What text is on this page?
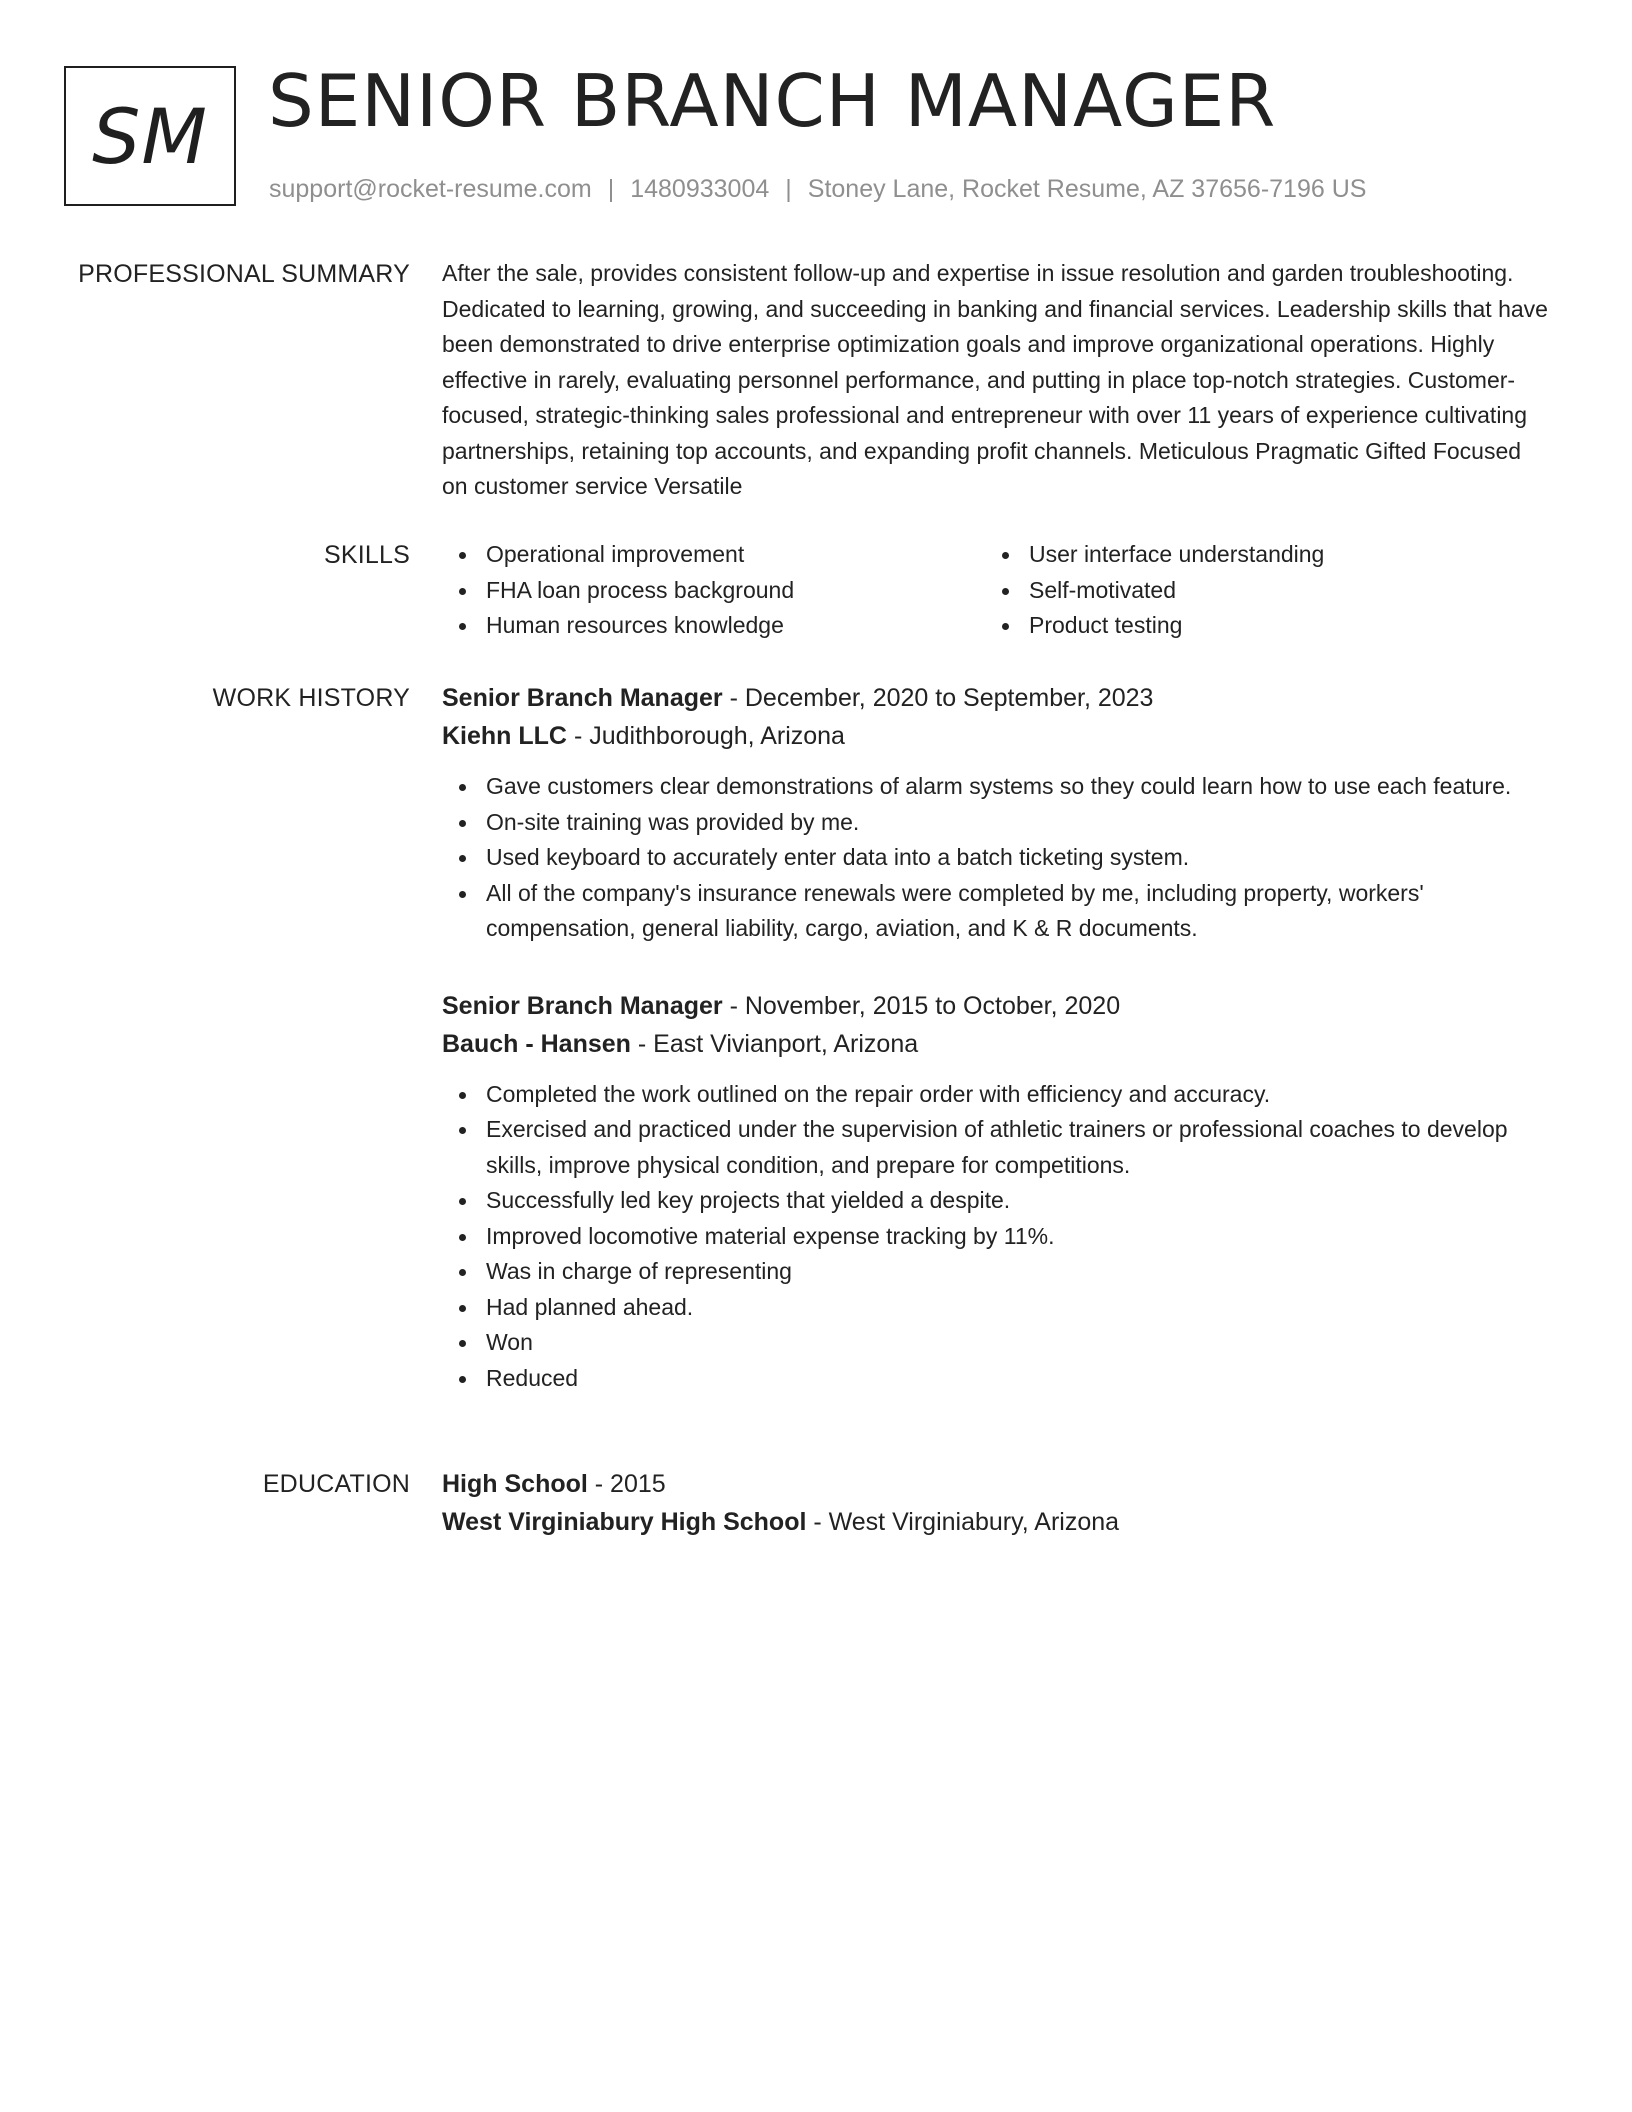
SM SENIOR BRANCH MANAGER
support@rocket-resume.com | 1480933004 | Stoney Lane, Rocket Resume, AZ 37656-7196 US
PROFESSIONAL SUMMARY After the sale, provides consistent follow-up and expertise in issue resolution and garden troubleshooting. Dedicated to learning, growing, and succeeding in banking and financial services. Leadership skills that have been demonstrated to drive enterprise optimization goals and improve organizational operations. Highly effective in rarely, evaluating personnel performance, and putting in place top-notch strategies. Customer-focused, strategic-thinking sales professional and entrepreneur with over 11 years of experience cultivating partnerships, retaining top accounts, and expanding profit channels. Meticulous Pragmatic Gifted Focused on customer service Versatile

SKILLS	Operational improvement
FHA loan process background
Human resources knowledge
User interface understanding
Self-motivated
Product testing
WORK HISTORY Senior Branch Manager - December, 2020 to September, 2023
Kiehn LLC - Judithborough, Arizona
Gave customers clear demonstrations of alarm systems so they could learn how to use each feature.
On-site training was provided by me.
Used keyboard to accurately enter data into a batch ticketing system.
All of the company's insurance renewals were completed by me, including property, workers' compensation, general liability, cargo, aviation, and K & R documents.
Senior Branch Manager - November, 2015 to October, 2020
Bauch - Hansen - East Vivianport, Arizona
Completed the work outlined on the repair order with efficiency and accuracy.
Exercised and practiced under the supervision of athletic trainers or professional coaches to develop skills, improve physical condition, and prepare for competitions.
Successfully led key projects that yielded a despite.
Improved locomotive material expense tracking by 11%.
Was in charge of representing
Had planned ahead.
Won
Reduced
EDUCATION High School - 2015
West Virginiabury High School - West Virginiabury, Arizona
